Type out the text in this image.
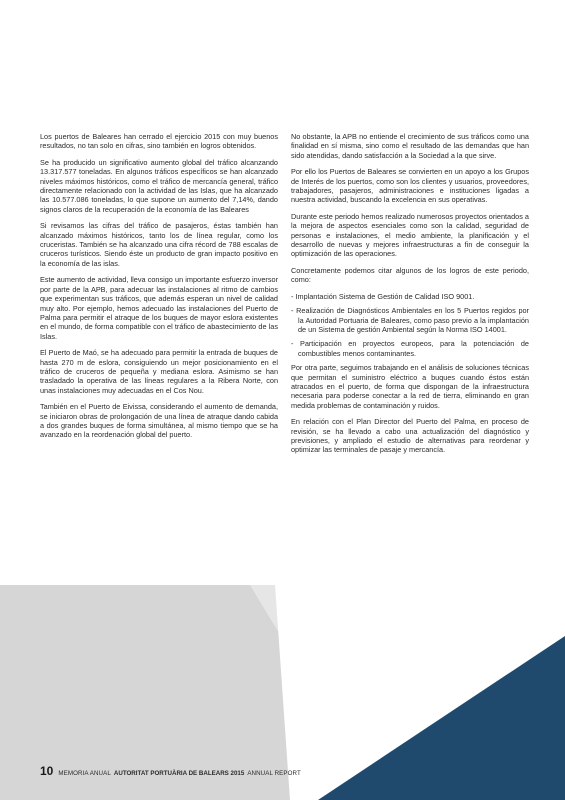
Los puertos de Baleares han cerrado el ejercicio 2015 con muy buenos resultados, no tan solo en cifras, sino también en logros obtenidos.

Se ha producido un significativo aumento global del tráfico alcanzando 13.317.577 toneladas. En algunos tráficos específicos se han alcanzado niveles máximos históricos, como el tráfico de mercancía general, tráfico directamente relacionado con la actividad de las Islas, que ha alcanzado las 10.577.086 toneladas, lo que supone un aumento del 7,14%, dando signos claros de la recuperación de la economía de las Baleares

Si revisamos las cifras del tráfico de pasajeros, éstas también han alcanzado máximos históricos, tanto los de línea regular, como los cruceristas. También se ha alcanzado una cifra récord de 788 escalas de cruceros turísticos. Siendo éste un producto de gran impacto positivo en la economía de las islas.

Este aumento de actividad, lleva consigo un importante esfuerzo inversor por parte de la APB, para adecuar las instalaciones al ritmo de cambios que experimentan sus tráficos, que además esperan un nivel de calidad muy alto. Por ejemplo, hemos adecuado las instalaciones del Puerto de Palma para permitir el atraque de los buques de mayor eslora existentes en el mundo, de forma compatible con el tráfico de abastecimiento de las Islas.

El Puerto de Maó, se ha adecuado para permitir la entrada de buques de hasta 270 m de eslora, consiguiendo un mejor posicionamiento en el tráfico de cruceros de pequeña y mediana eslora. Asimismo se han trasladado la operativa de las líneas regulares a la Ribera Norte, con unas instalaciones muy adecuadas en el Cos Nou.

También en el Puerto de Eivissa, considerando el aumento de demanda, se iniciaron obras de prolongación de una línea de atraque dando cabida a dos grandes buques de forma simultánea, al mismo tiempo que se ha avanzado en la reordenación global del puerto.

No obstante, la APB no entiende el crecimiento de sus tráficos como una finalidad en sí misma, sino como el resultado de las demandas que han sido atendidas, dando satisfacción a la Sociedad a la que sirve.

Por ello los Puertos de Baleares se convierten en un apoyo a los Grupos de Interés de los puertos, como son los clientes y usuarios, proveedores, trabajadores, pasajeros, administraciones e instituciones ligadas a nuestra actividad, buscando la excelencia en sus operativas.

Durante este periodo hemos realizado numerosos proyectos orientados a la mejora de aspectos esenciales como son la calidad, seguridad de personas e instalaciones, el medio ambiente, la planificación y el desarrollo de nuevas y mejores infraestructuras a fin de conseguir la optimización de las operaciones.

Concretamente podemos citar algunos de los logros de este periodo, como:

- Implantación Sistema de Gestión de Calidad ISO 9001.

- Realización de Diagnósticos Ambientales en los 5 Puertos regidos por la Autoridad Portuaria de Baleares, como paso previo a la implantación de un Sistema de gestión Ambiental según la Norma ISO 14001.

- Participación en proyectos europeos, para la potenciación de combustibles menos contaminantes.

Por otra parte, seguimos trabajando en el análisis de soluciones técnicas que permitan el suministro eléctrico a buques cuando éstos están atracados en el puerto, de forma que dispongan de la infraestructura necesaria para poderse conectar a la red de tierra, eliminando en gran medida problemas de contaminación y ruidos.

En relación con el Plan Director del Puerto del Palma, en proceso de revisión, se ha llevado a cabo una actualización del diagnóstico y previsiones, y ampliado el estudio de alternativas para reordenar y optimizar las terminales de pasaje y mercancía.

10 MEMORIA ANUAL AUTORITAT PORTUÀRIA DE BALEARS 2015 ANNUAL REPORT
